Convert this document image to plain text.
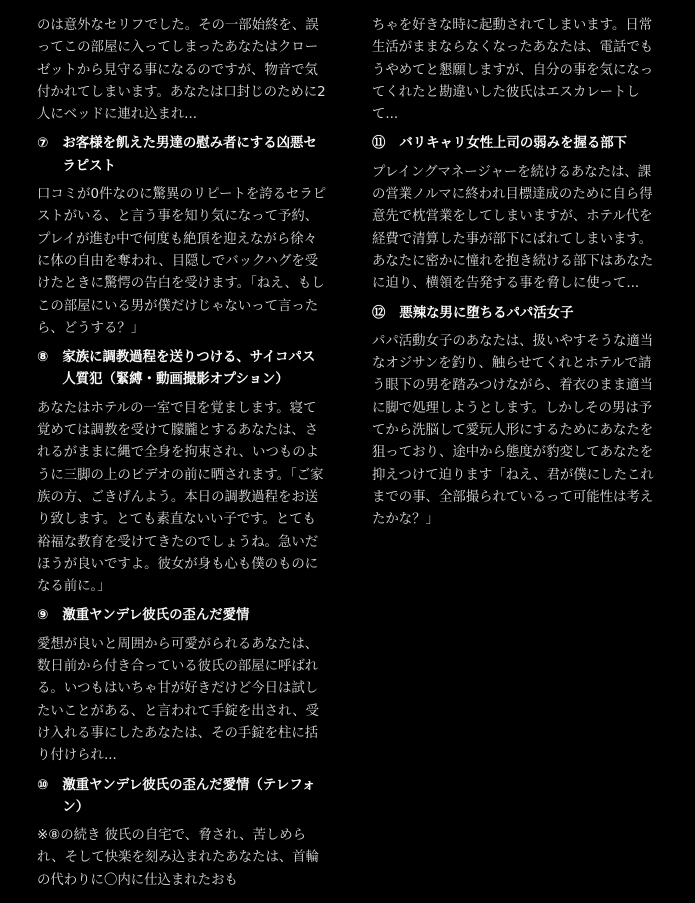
のは意外なセリフでした。その一部始終を、誤ってこの部屋に入ってしまったあなたはクローゼットから見守る事になるのですが、物音で気付かれてしまいます。あなたは口封じのために2人にベッドに連れ込まれ...

⑦ お客様を飢えた男達の慰み者にする凶悪セラピスト

口コミが0件なのに驚異のリピートを誇るセラピストがいる、と言う事を知り気になって予約、プレイが進む中で何度も絶頂を迎えながら徐々に体の自由を奪われ、目隠しでバックハグを受けたときに驚愕の告白を受けます。「ねえ、もしこの部屋にいる男が僕だけじゃないって言ったら、どうする？」

⑧ 家族に調教過程を送りつける、サイコパス人質犯（緊縛・動画撮影オプション）

あなたはホテルの一室で目を覚まします。寝て覚めては調教を受けて朦朧とするあなたは、されるがままに縄で全身を拘束され、いつものように三脚の上のビデオの前に晒されます。「ご家族の方、ごきげんよう。本日の調教過程をお送り致します。とても素直ないい子です。とても裕福な教育を受けてきたのでしょうね。急いだほうが良いですよ。彼女が身も心も僕のものになる前に。」

⑨ 激重ヤンデレ彼氏の歪んだ愛情

愛想が良いと周囲から可愛がられるあなたは、数日前から付き合っている彼氏の部屋に呼ばれる。いつもはいちゃ甘が好きだけど今日は試したいことがある、と言われて手錠を出され、受け入れる事にしたあなたは、その手錠を柱に括り付けられ...

⑩ 激重ヤンデレ彼氏の歪んだ愛情（テレフォン）

※⑧の続き 彼氏の自宅で、脅され、苦しめられ、そして快楽を刻み込まれたあなたは、首輪の代わりに〇内に仕込まれたおも

ちゃを好きな時に起動されてしまいます。日常生活がままならなくなったあなたは、電話でもうやめてと懇願しますが、自分の事を気になってくれたと勘違いした彼氏はエスカレートして...

⑪ バリキャリ女性上司の弱みを握る部下

プレイングマネージャーを続けるあなたは、課の営業ノルマに終われ目標達成のために自ら得意先で枕営業をしてしまいますが、ホテル代を経費で清算した事が部下にばれてしまいます。あなたに密かに憧れを抱き続ける部下はあなたに迫り、横領を告発する事を脅しに使って...

⑫ 悪辣な男に堕ちるパパ活女子

パパ活動女子のあなたは、扱いやすそうな適当なオジサンを釣り、触らせてくれとホテルで請う眼下の男を踏みつけながら、着衣のまま適当に脚で処理しようとします。しかしその男は予てから洗脳して愛玩人形にするためにあなたを狙っており、途中から態度が豹変してあなたを抑えつけて迫ります「ねえ、君が僕にしたこれまでの事、全部撮られているって可能性は考えたかな？」
